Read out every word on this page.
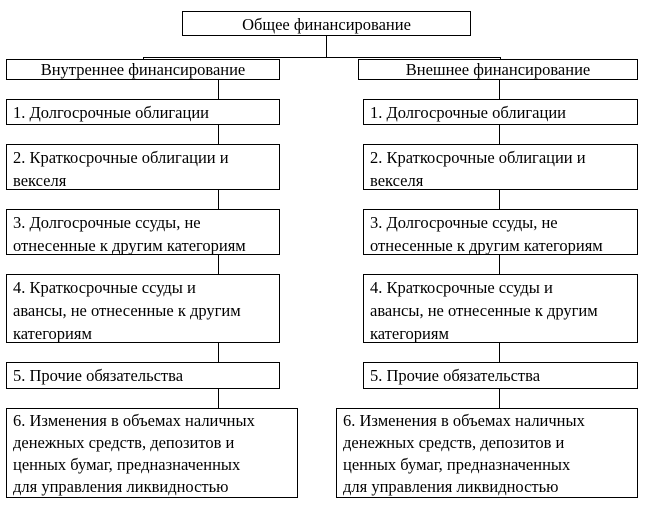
Общее финансирование
Внутреннее финансирование	Внешнее финансирование
1. Долгосрочные облигации
2. Краткосрочные облигации и
векселя
3. Долгосрочные ссуды, не
отнесенные к другим категориям
4. Краткосрочные ссуды и
авансы, не отнесенные к другим
категориям
5. Прочие обязательства
6. Изменения в объемах наличных
денежных средств, депозитов и
ценных бумаг, предназначенных
для управления ликвидностью
1. Долгосрочные облигации
2. Краткосрочные облигации и
векселя
3. Долгосрочные ссуды, не
отнесенные к другим категориям
4. Краткосрочные ссуды и
авансы, не отнесенные к другим
категориям
5. Прочие обязательства
6. Изменения в объемах наличных
денежных средств, депозитов и
ценных бумаг, предназначенных
для управления ликвидностью
